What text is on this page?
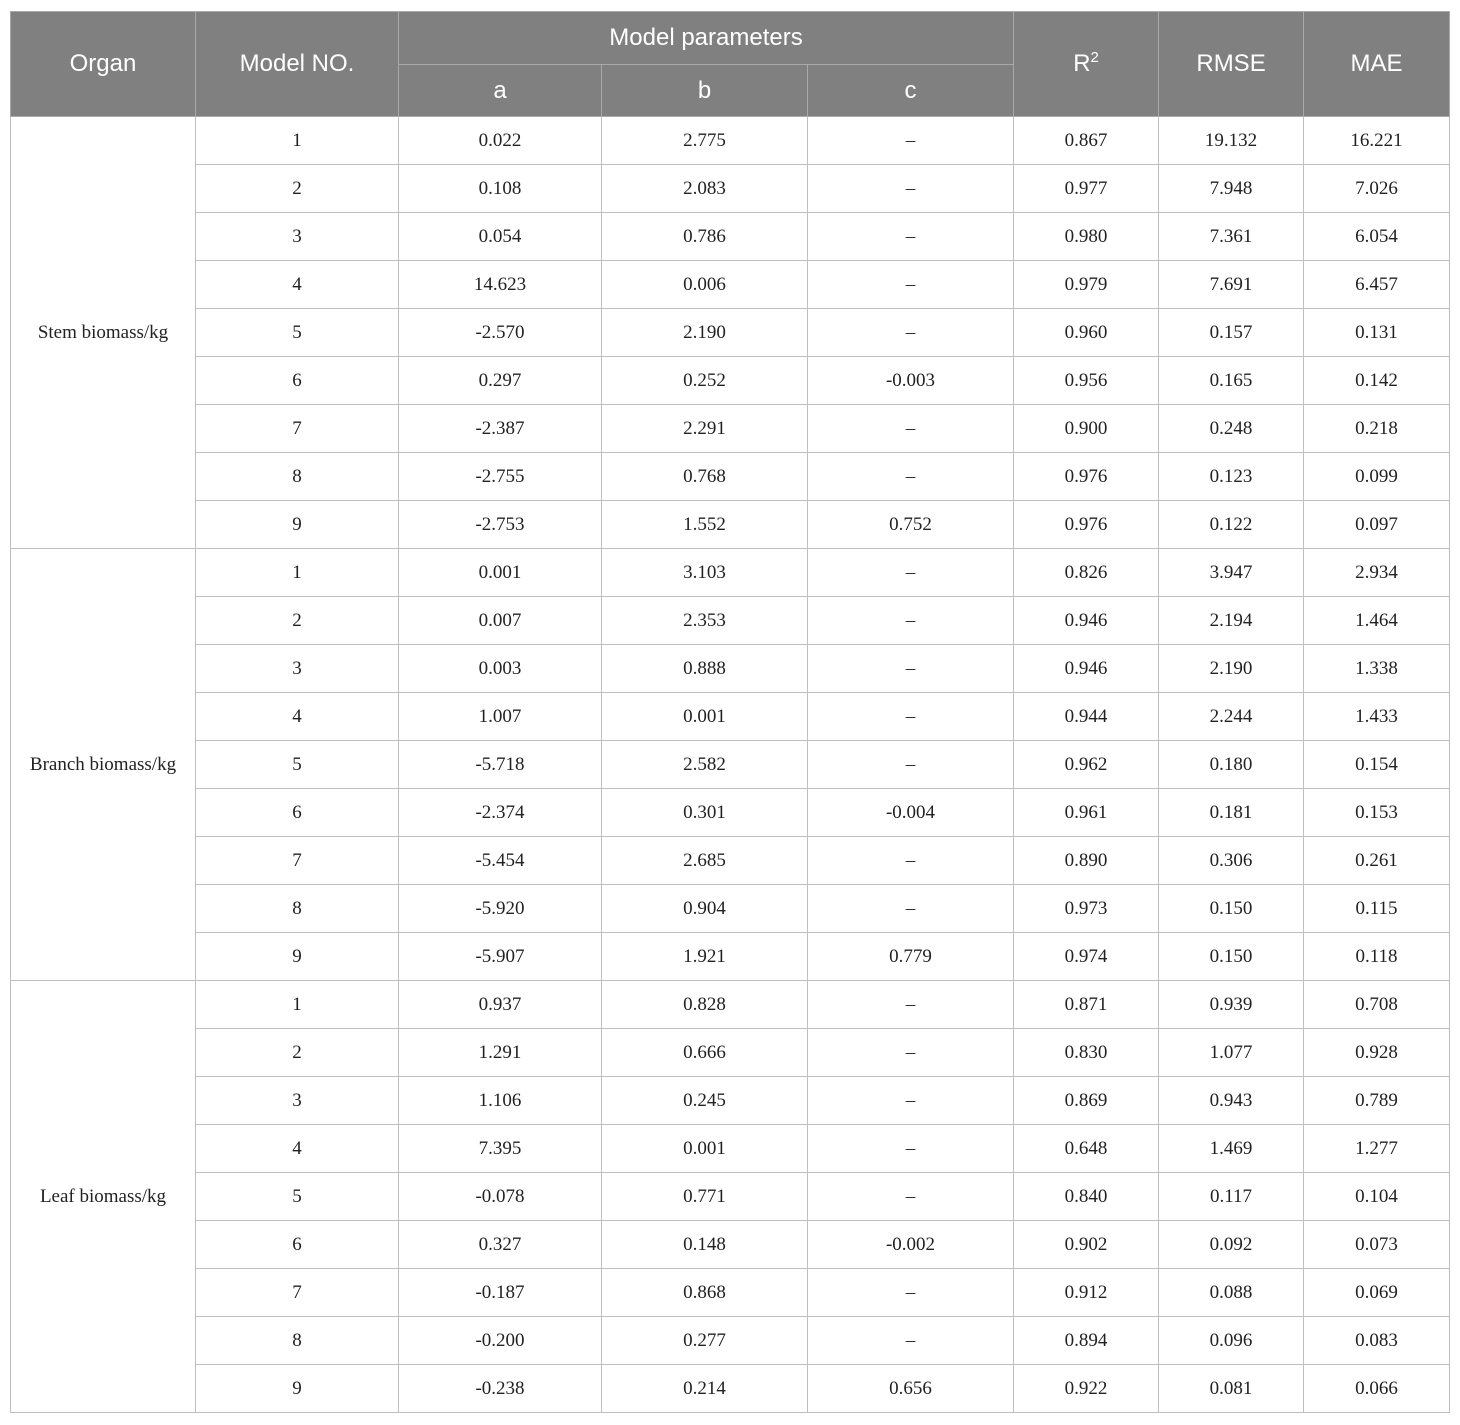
Organ	Model NO.	Model parameters			$R^2$	RMSE	MAE
		a	b	c			
Stem biomass/kg	1	0.022	2.775	–	0.867	19.132	16.221
	2	0.108	2.083	–	0.977	7.948	7.026
	3	0.054	0.786	–	0.980	7.361	6.054
	4	14.623	0.006	–	0.979	7.691	6.457
	5	-2.570	2.190	–	0.960	0.157	0.131
	6	0.297	0.252	-0.003	0.956	0.165	0.142
	7	-2.387	2.291	–	0.900	0.248	0.218
	8	-2.755	0.768	–	0.976	0.123	0.099
	9	-2.753	1.552	0.752	0.976	0.122	0.097
Branch biomass/kg	1	0.001	3.103	–	0.826	3.947	2.934
	2	0.007	2.353	–	0.946	2.194	1.464
	3	0.003	0.888	–	0.946	2.190	1.338
	4	1.007	0.001	–	0.944	2.244	1.433
	5	-5.718	2.582	–	0.962	0.180	0.154
	6	-2.374	0.301	-0.004	0.961	0.181	0.153
	7	-5.454	2.685	–	0.890	0.306	0.261
	8	-5.920	0.904	–	0.973	0.150	0.115
	9	-5.907	1.921	0.779	0.974	0.150	0.118
Leaf biomass/kg	1	0.937	0.828	–	0.871	0.939	0.708
	2	1.291	0.666	–	0.830	1.077	0.928
	3	1.106	0.245	–	0.869	0.943	0.789
	4	7.395	0.001	–	0.648	1.469	1.277
	5	-0.078	0.771	–	0.840	0.117	0.104
	6	0.327	0.148	-0.002	0.902	0.092	0.073
	7	-0.187	0.868	–	0.912	0.088	0.069
	8	-0.200	0.277	–	0.894	0.096	0.083
	9	-0.238	0.214	0.656	0.922	0.081	0.066
